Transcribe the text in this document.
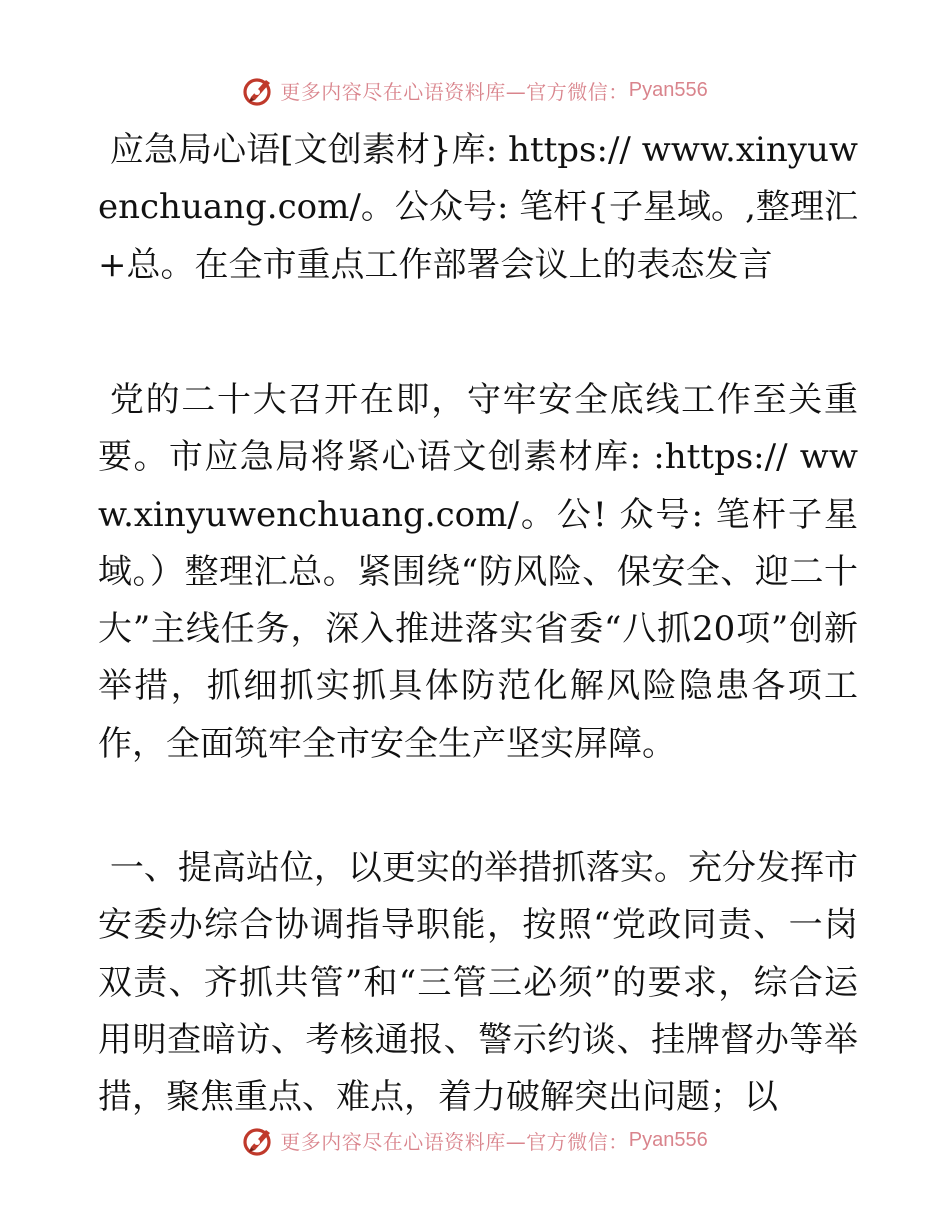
更多内容尽在心语资料库—官方微信： Pyan556

应急局心语[文创素材}库: https:// www.xinyuwenchuang.com/。公众号: 笔杆{子星域。,整理汇+总。在全市重点工作部署会议上的表态发言

党的二十大召开在即，守牢安全底线工作至关重要。市应急局将紧心语文创素材库: :https:// www.xinyuwenchuang.com/。公! 众号: 笔杆子星域。）整理汇总。紧围绕“防风险、保安全、迎二十大”主线任务，深入推进落实省委“八抓20项”创新举措，抓细抓实抓具体防范化解风险隐患各项工作，全面筑牢全市安全生产坚实屏障。

一、提高站位，以更实的举措抓落实。充分发挥市安委办综合协调指导职能，按照“党政同责、一岗双责、齐抓共管”和“三管三必须”的要求，综合运用明查暗访、考核通报、警示约谈、挂牌督办等举措，聚焦重点、难点，着力破解突出问题；以

更多内容尽在心语资料库—官方微信： Pyan556
